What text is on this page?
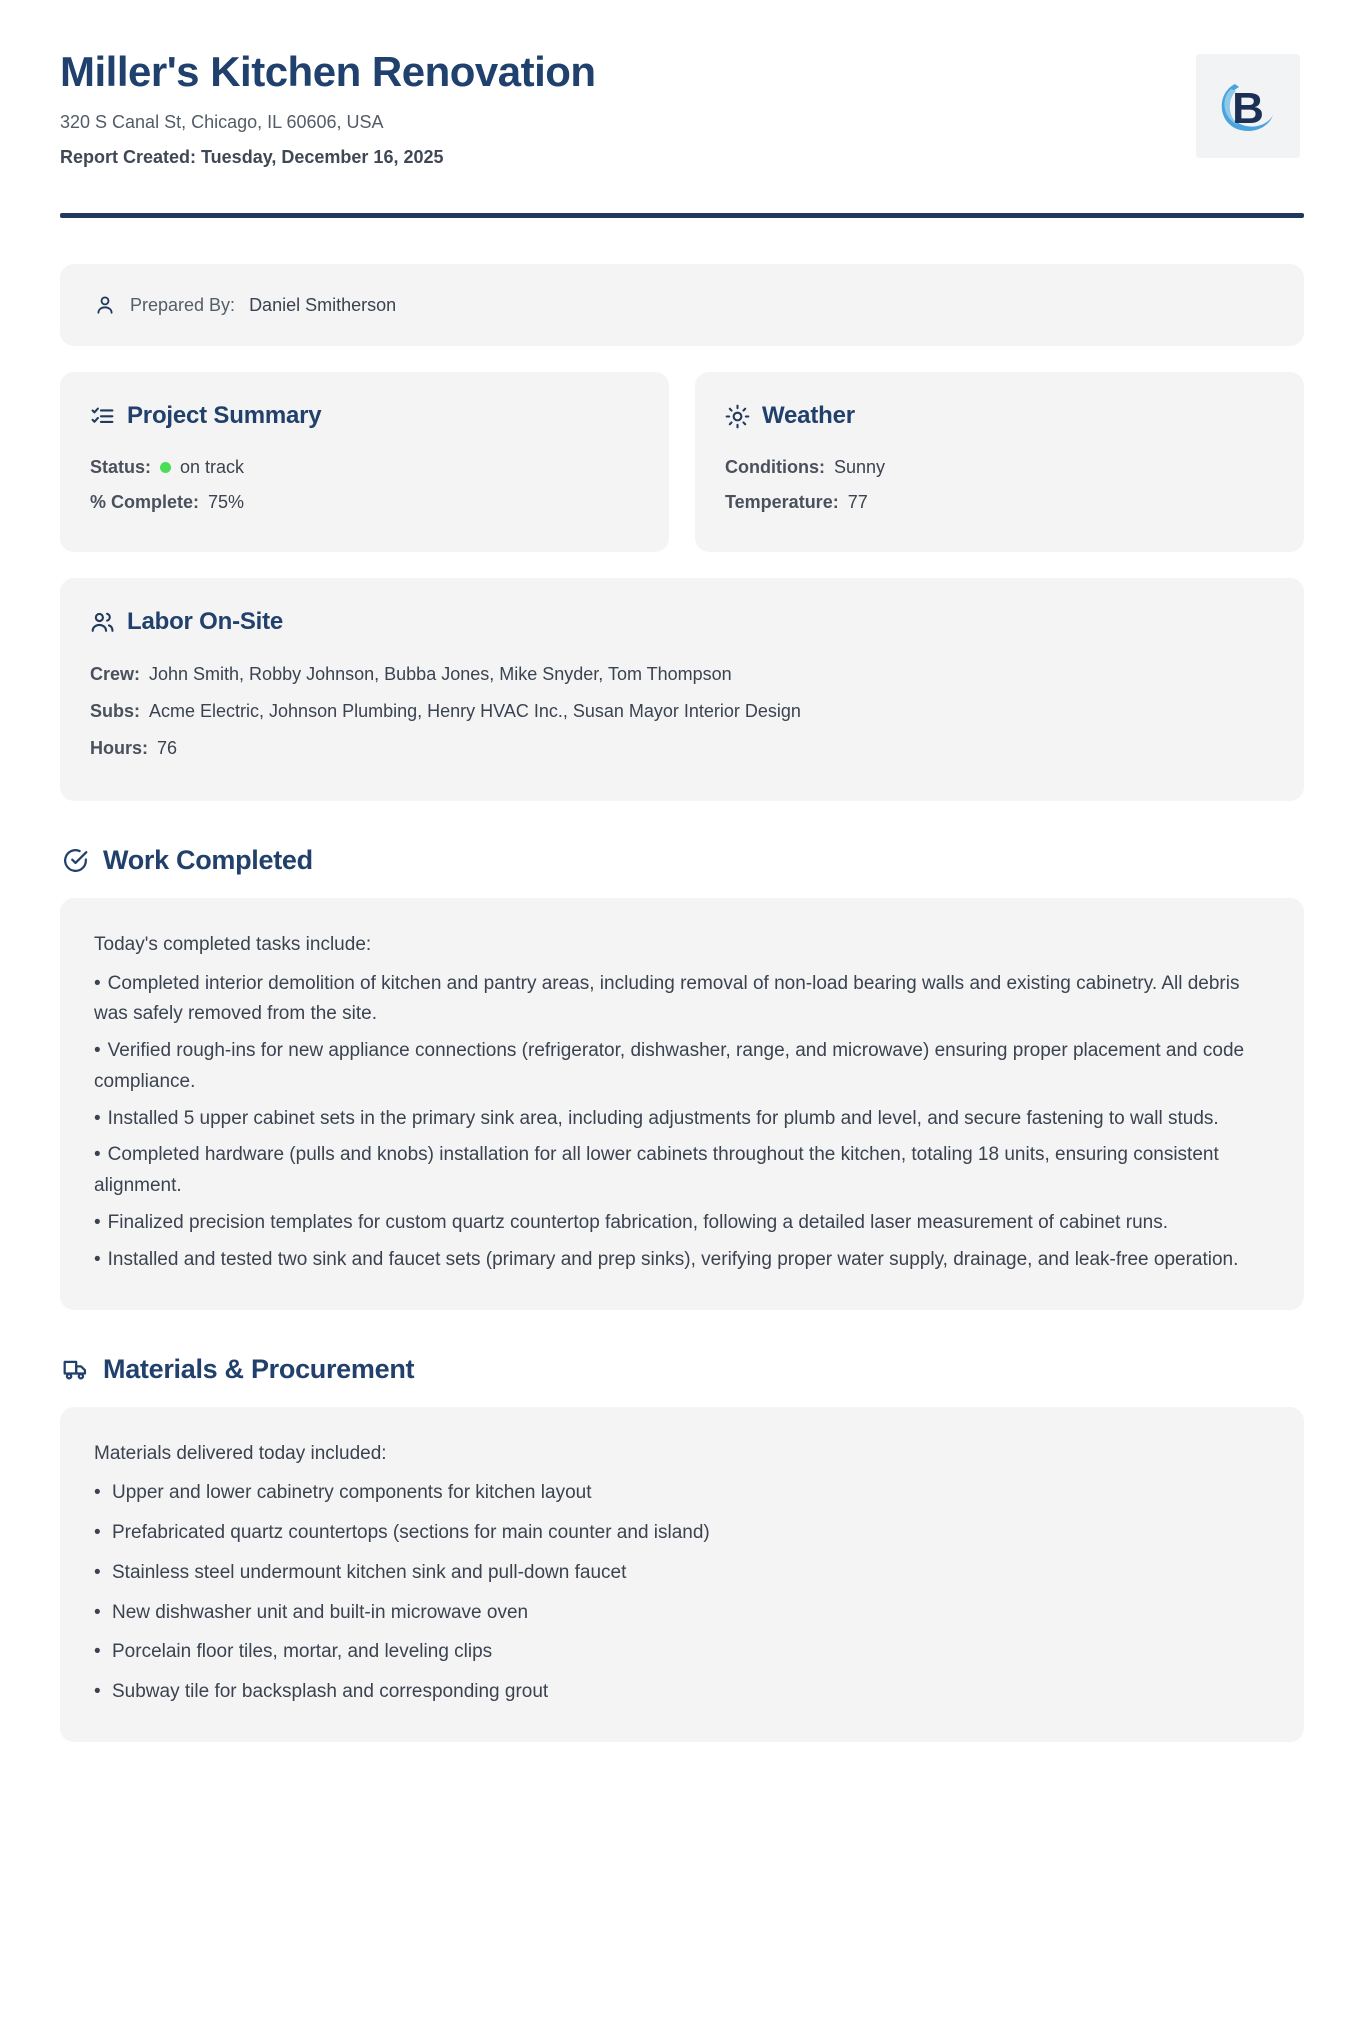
Miller's Kitchen Renovation
320 S Canal St, Chicago, IL 60606, USA
Report Created: Tuesday, December 16, 2025
B
Prepared By: Daniel Smitherson
Project Summary
Status: on track
% Complete: 75%
Weather
Conditions: Sunny
Temperature: 77
Labor On-Site
Crew: John Smith, Robby Johnson, Bubba Jones, Mike Snyder, Tom Thompson
Subs: Acme Electric, Johnson Plumbing, Henry HVAC Inc., Susan Mayor Interior Design
Hours: 76
Work Completed
Today's completed tasks include:
• Completed interior demolition of kitchen and pantry areas, including removal of non-load bearing walls and existing cabinetry. All debris was safely removed from the site.
• Verified rough-ins for new appliance connections (refrigerator, dishwasher, range, and microwave) ensuring proper placement and code compliance.
• Installed 5 upper cabinet sets in the primary sink area, including adjustments for plumb and level, and secure fastening to wall studs.
• Completed hardware (pulls and knobs) installation for all lower cabinets throughout the kitchen, totaling 18 units, ensuring consistent alignment.
• Finalized precision templates for custom quartz countertop fabrication, following a detailed laser measurement of cabinet runs.
• Installed and tested two sink and faucet sets (primary and prep sinks), verifying proper water supply, drainage, and leak-free operation.
Materials & Procurement
Materials delivered today included:
• Upper and lower cabinetry components for kitchen layout
• Prefabricated quartz countertops (sections for main counter and island)
• Stainless steel undermount kitchen sink and pull-down faucet
• New dishwasher unit and built-in microwave oven
• Porcelain floor tiles, mortar, and leveling clips
• Subway tile for backsplash and corresponding grout
